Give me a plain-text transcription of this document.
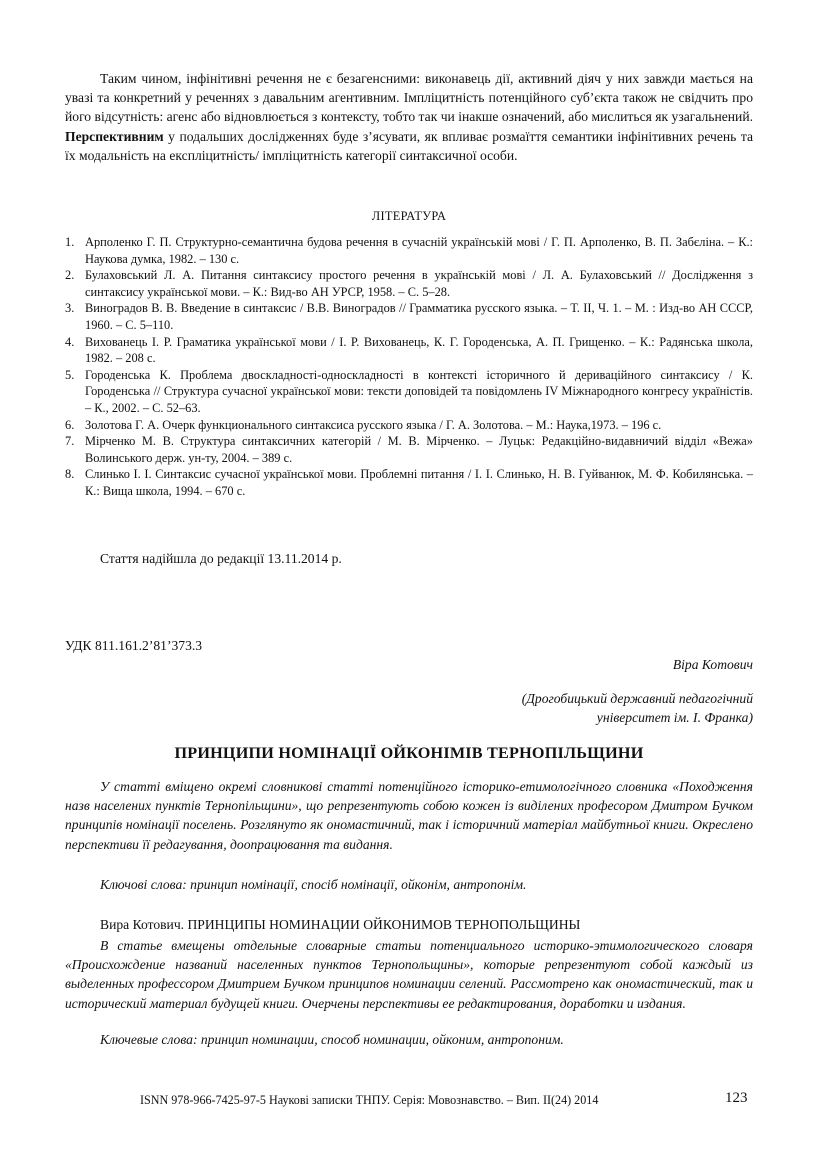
Таким чином, інфінітивні речення не є безагенсними: виконавець дії, активний діяч у них завжди мається на увазі та конкретний у реченнях з давальним агентивним. Імпліцитність потенційного суб’єкта також не свідчить про його відсутність: агенс або відновлюється з контексту, тобто так чи інакше означений, або мислиться як узагальнений. Перспективним у подальших дослідженнях буде з’ясувати, як впливає розмаїття семантики інфінітивних речень та їх модальність на експліцитність/ імпліцитність категорії синтаксичної особи.

ЛІТЕРАТУРА
1. Арполенко Г. П. Структурно-семантична будова речення в сучасній українській мові / Г. П. Арполенко, В. П. Забєліна. – К.: Наукова думка, 1982. – 130 с.
2. Булаховський Л. А. Питання синтаксису простого речення в українській мові / Л. А. Булаховський // Дослідження з синтаксису української мови. – К.: Вид-во АН УРСР, 1958. – С. 5–28.
3. Виноградов В. В. Введение в синтаксис / В.В. Виноградов // Грамматика русского языка. – Т. II, Ч. 1. – М. : Изд-во АН СССР, 1960. – С. 5–110.
4. Вихованець І. Р. Граматика української мови / І. Р. Вихованець, К. Г. Городенська, А. П. Грищенко. – К.: Радянська школа, 1982. – 208 с.
5. Городенська К. Проблема двоскладності-односкладності в контексті історичного й дериваційного синтаксису / К. Городенська // Структура сучасної української мови: тексти доповідей та повідомлень IV Міжнародного конгресу україністів. – К., 2002. – С. 52–63.
6. Золотова Г. А. Очерк функционального синтаксиса русского языка / Г. А. Золотова. – М.: Наука,1973. – 196 с.
7. Мірченко М. В. Структура синтаксичних категорій / М. В. Мірченко. – Луцьк: Редакційно-видавничий відділ «Вежа» Волинського держ. ун-ту, 2004. – 389 с.
8. Слинько І. І. Синтаксис сучасної української мови. Проблемні питання / І. І. Слинько, Н. В. Гуйванюк, М. Ф. Кобилянська. – К.: Вища школа, 1994. – 670 с.
Стаття надійшла до редакції 13.11.2014 р.
УДК 811.161.2’81’373.3
Віра Котович
(Дрогобицький державний педагогічний
університет ім. І. Франка)
ПРИНЦИПИ НОМІНАЦІЇ ОЙКОНІМІВ ТЕРНОПІЛЬЩИНИ

У статті вміщено окремі словникові статті потенційного історико-етимологічного словника «Походження назв населених пунктів Тернопільщини», що репрезентують собою кожен із виділених професором Дмитром Бучком принципів номінації поселень. Розглянуто як ономастичний, так і історичний матеріал майбутньої книги. Окреслено перспективи її редагування, доопрацювання та видання.

Ключові слова: принцип номінації, спосіб номінації, ойконім, антропонім.
Вира Котович. ПРИНЦИПЫ НОМИНАЦИИ ОЙКОНИМОВ ТЕРНОПОЛЬЩИНЫ

В статье вмещены отдельные словарные статьи потенциального историко-этимологического словаря «Происхождение названий населенных пунктов Тернопольщины», которые репрезентуют собой каждый из выделенных профессором Дмитрием Бучком принципов номинации селений. Рассмотрено как ономастический, так и исторический материал будущей книги. Очерчены перспективы ее редактирования, доработки и издания.

Ключевые слова: принцип номинации, способ номинации, ойконим, антропоним.
ISNN 978-966-7425-97-5 Наукові записки ТНПУ. Серія: Мовознавство. – Вип. ІІ(24) 2014	123
